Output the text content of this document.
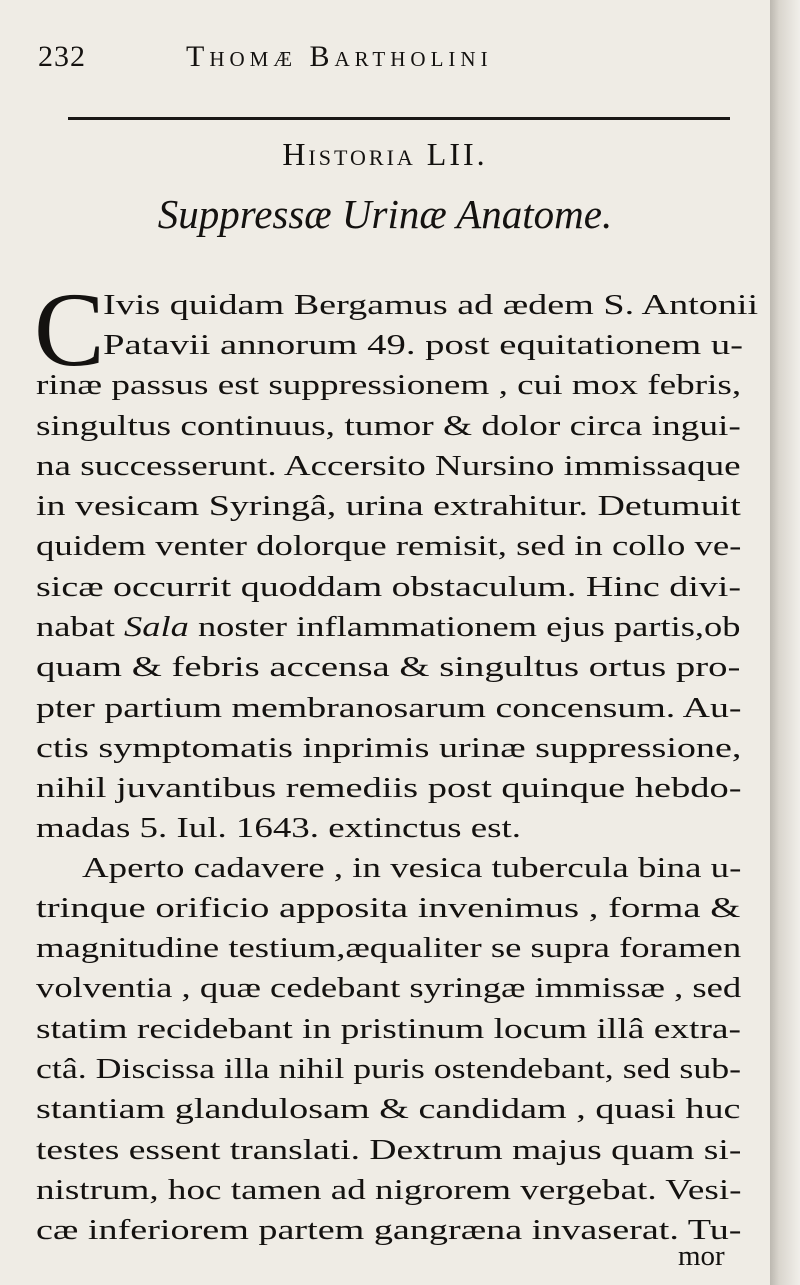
232	Thomæ Bartholini
Historia LII.
Suppressæ Urinæ Anatome.
C
Ivis quidam Bergamus ad ædem S. Antonii
Patavii annorum 49. post equitationem u-
rinæ passus est suppressionem , cui mox febris,
singultus continuus, tumor & dolor circa ingui-
na successerunt. Accersito Nursino immissaque
in vesicam Syringâ, urina extrahitur. Detumuit
quidem venter dolorque remisit, sed in collo ve-
sicæ occurrit quoddam obstaculum. Hinc divi-
nabat Sala noster inflammationem ejus partis,ob
quam & febris accensa & singultus ortus pro-
pter partium membranosarum concensum. Au-
ctis symptomatis inprimis urinæ suppressione,
nihil juvantibus remediis post quinque hebdo-
madas 5. Iul. 1643. extinctus est.
Aperto cadavere , in vesica tubercula bina u-
trinque orificio apposita invenimus , forma &
magnitudine testium,æqualiter se supra foramen
volventia , quæ cedebant syringæ immissæ , sed
statim recidebant in pristinum locum illâ extra-
ctâ. Discissa illa nihil puris ostendebant, sed sub-
stantiam glandulosam & candidam , quasi huc
testes essent translati. Dextrum majus quam si-
nistrum, hoc tamen ad nigrorem vergebat. Vesi-
cæ inferiorem partem gangræna invaserat. Tu-
mor
